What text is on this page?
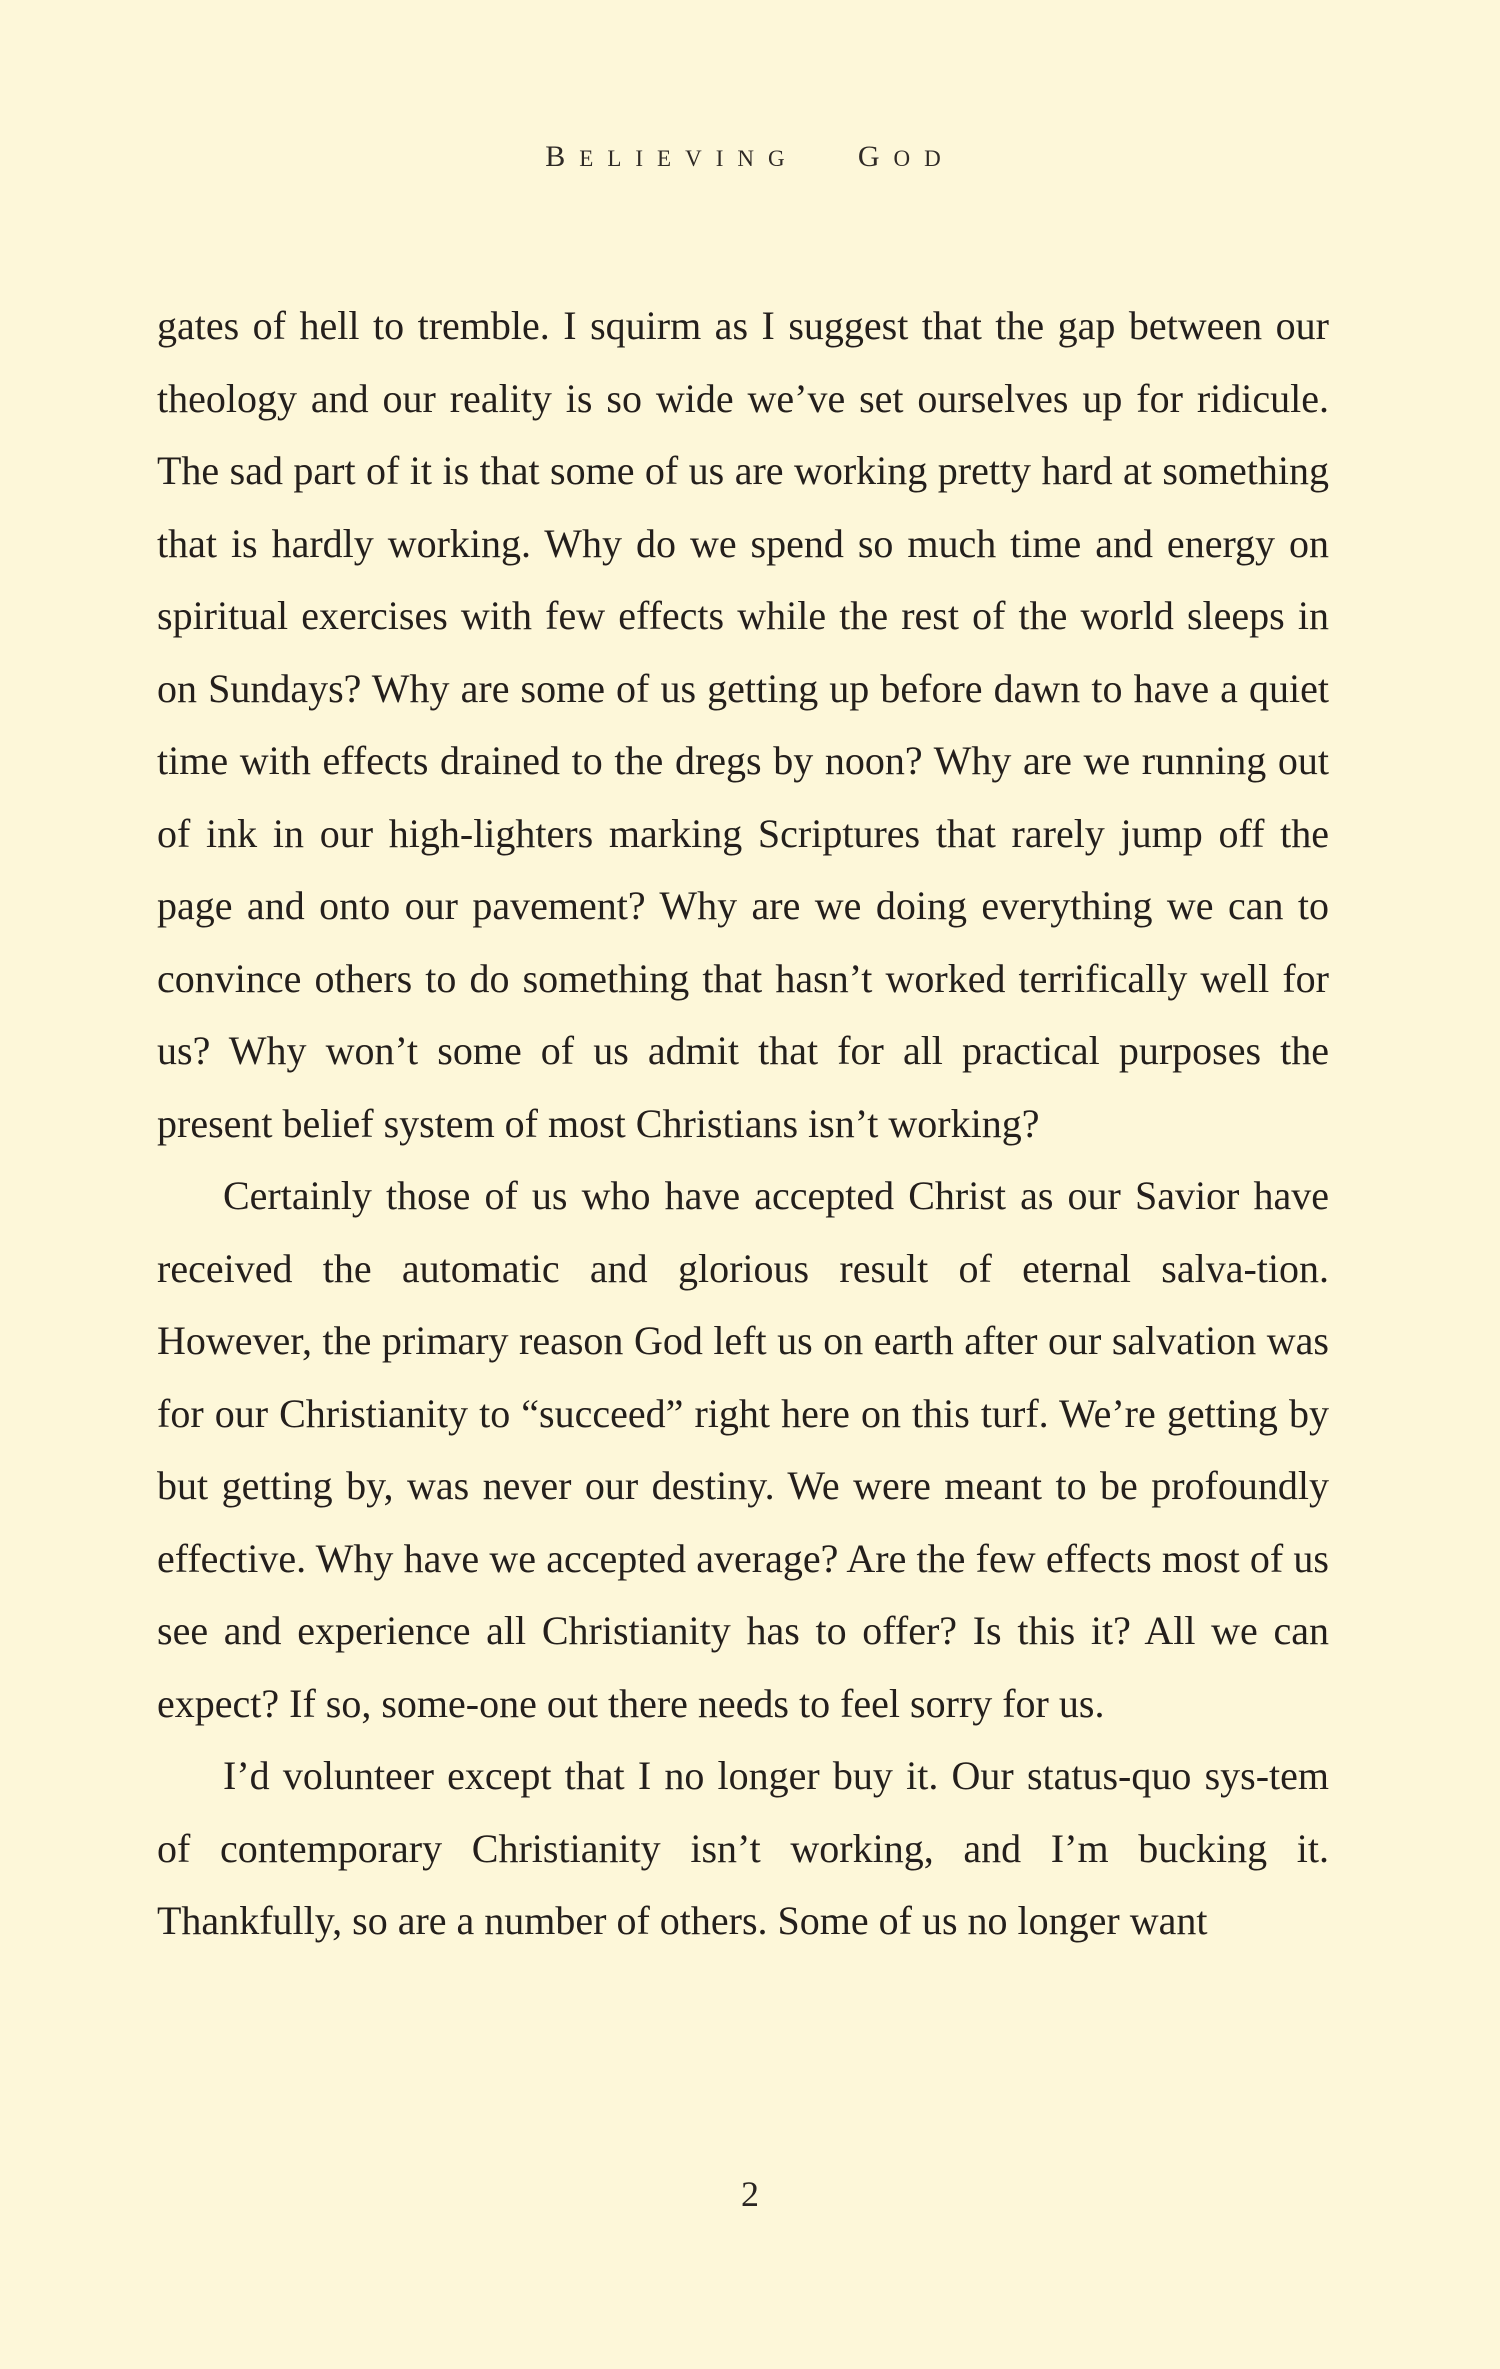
BELIEVING GOD

gates of hell to tremble. I squirm as I suggest that the gap between our theology and our reality is so wide we’ve set ourselves up for ridicule. The sad part of it is that some of us are working pretty hard at something that is hardly working. Why do we spend so much time and energy on spiritual exercises with few effects while the rest of the world sleeps in on Sundays? Why are some of us getting up before dawn to have a quiet time with effects drained to the dregs by noon? Why are we running out of ink in our high-lighters marking Scriptures that rarely jump off the page and onto our pavement? Why are we doing everything we can to convince others to do something that hasn’t worked terrifically well for us? Why won’t some of us admit that for all practical purposes the present belief system of most Christians isn’t working?

Certainly those of us who have accepted Christ as our Savior have received the automatic and glorious result of eternal salva-tion. However, the primary reason God left us on earth after our salvation was for our Christianity to “succeed” right here on this turf. We’re getting by but getting by, was never our destiny. We were meant to be profoundly effective. Why have we accepted average? Are the few effects most of us see and experience all Christianity has to offer? Is this it? All we can expect? If so, some-one out there needs to feel sorry for us.

I’d volunteer except that I no longer buy it. Our status-quo sys-tem of contemporary Christianity isn’t working, and I’m bucking it. Thankfully, so are a number of others. Some of us no longer want

2
